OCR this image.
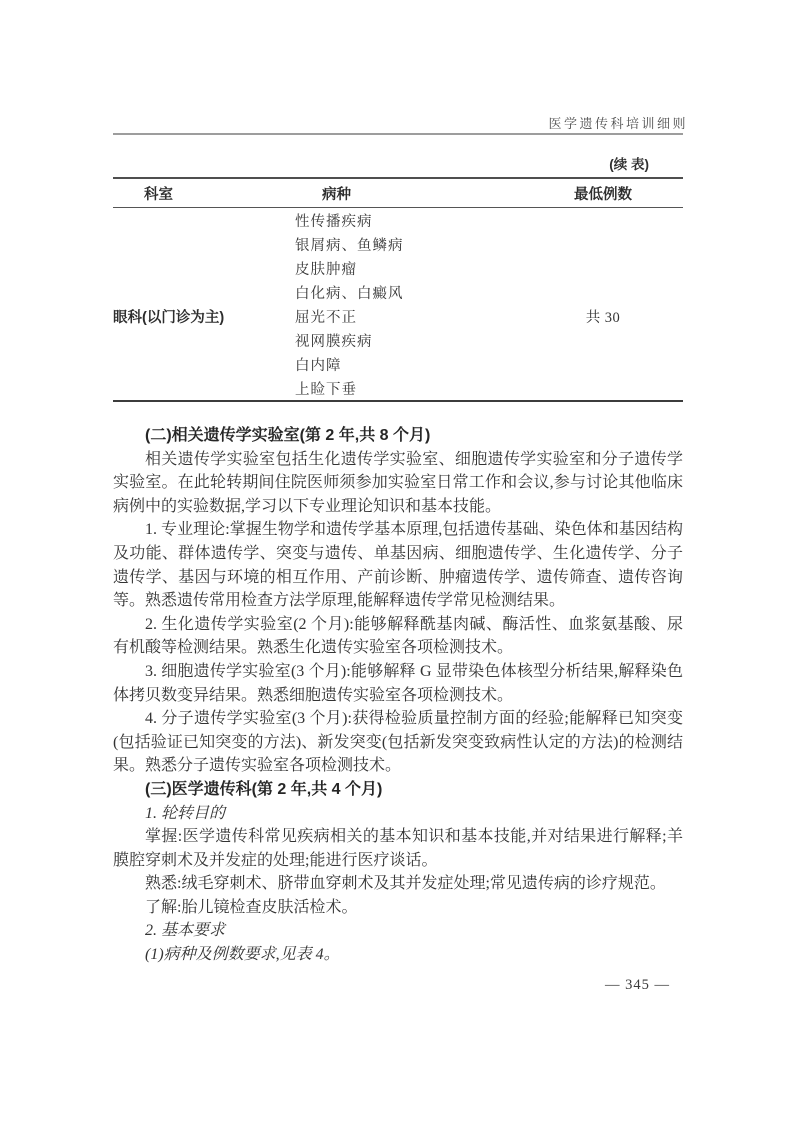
医学遗传科培训细则
(续 表)
科室	病种	最低例数
性传播疾病
银屑病、鱼鳞病
皮肤肿瘤
白化病、白癜风
眼科(以门诊为主)	屈光不正	共 30
视网膜疾病
白内障
上睑下垂

(二)相关遗传学实验室(第 2 年,共 8 个月)

相关遗传学实验室包括生化遗传学实验室、细胞遗传学实验室和分子遗传学实验室。在此轮转期间住院医师须参加实验室日常工作和会议,参与讨论其他临床病例中的实验数据,学习以下专业理论知识和基本技能。

1. 专业理论:掌握生物学和遗传学基本原理,包括遗传基础、染色体和基因结构及功能、群体遗传学、突变与遗传、单基因病、细胞遗传学、生化遗传学、分子遗传学、基因与环境的相互作用、产前诊断、肿瘤遗传学、遗传筛查、遗传咨询等。熟悉遗传常用检查方法学原理,能解释遗传学常见检测结果。

2. 生化遗传学实验室(2 个月):能够解释酰基肉碱、酶活性、血浆氨基酸、尿有机酸等检测结果。熟悉生化遗传实验室各项检测技术。

3. 细胞遗传学实验室(3 个月):能够解释 G 显带染色体核型分析结果,解释染色体拷贝数变异结果。熟悉细胞遗传实验室各项检测技术。

4. 分子遗传学实验室(3 个月):获得检验质量控制方面的经验;能解释已知突变(包括验证已知突变的方法)、新发突变(包括新发突变致病性认定的方法)的检测结果。熟悉分子遗传实验室各项检测技术。

(三)医学遗传科(第 2 年,共 4 个月)

1. 轮转目的

掌握:医学遗传科常见疾病相关的基本知识和基本技能,并对结果进行解释;羊膜腔穿刺术及并发症的处理;能进行医疗谈话。

熟悉:绒毛穿刺术、脐带血穿刺术及其并发症处理;常见遗传病的诊疗规范。

了解:胎儿镜检查皮肤活检术。

2. 基本要求

(1)病种及例数要求,见表 4。

— 345 —
